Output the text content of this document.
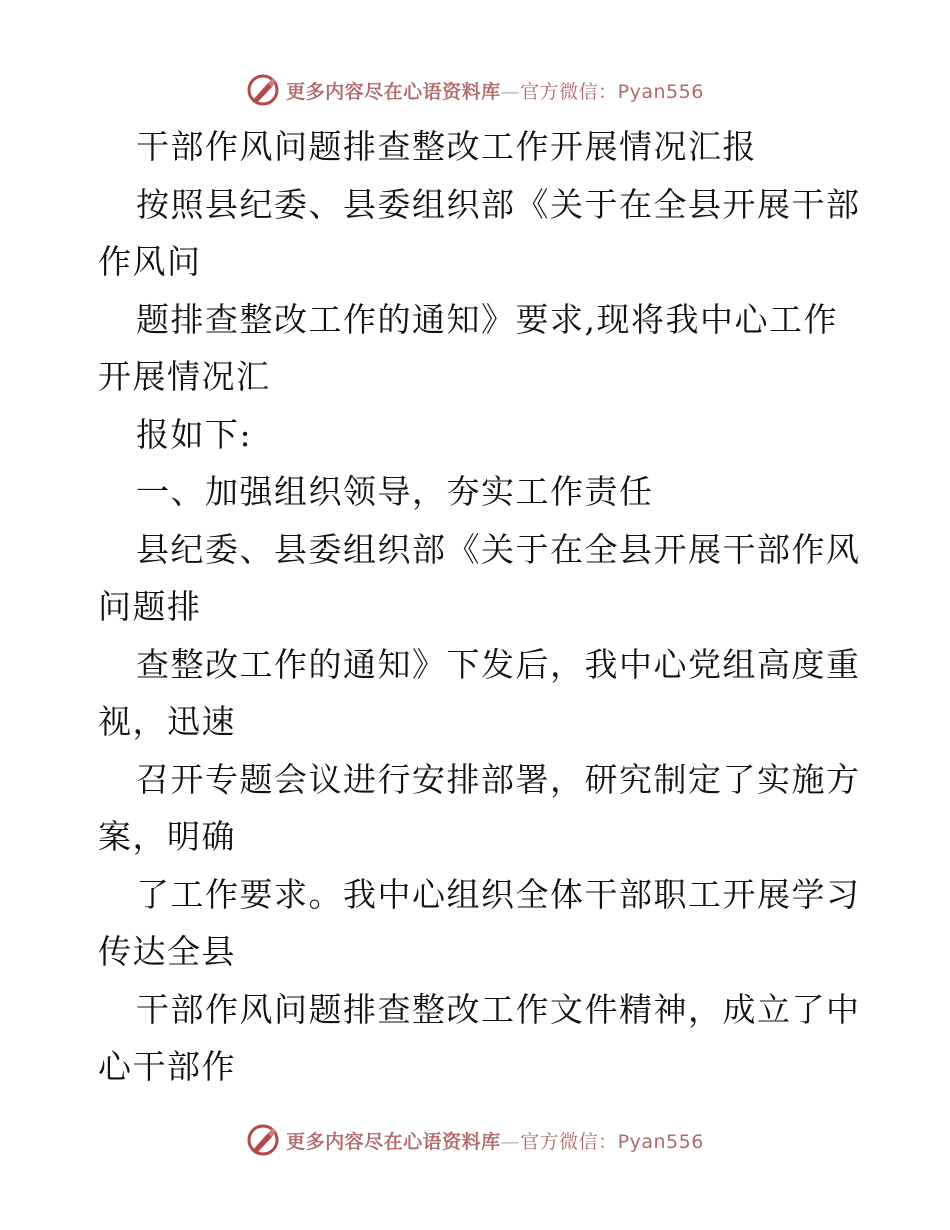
更多内容尽在心语资料库—官方微信：Pyan556
干部作风问题排查整改工作开展情况汇报
按照县纪委、县委组织部《关于在全县开展干部
作风问
题排查整改工作的通知》要求,现将我中心工作
开展情况汇
报如下:
一、加强组织领导，夯实工作责任
县纪委、县委组织部《关于在全县开展干部作风
问题排
查整改工作的通知》下发后，我中心党组高度重
视，迅速
召开专题会议进行安排部署，研究制定了实施方
案，明确
了工作要求。我中心组织全体干部职工开展学习
传达全县
干部作风问题排查整改工作文件精神，成立了中
心干部作
更多内容尽在心语资料库—官方微信：Pyan556
